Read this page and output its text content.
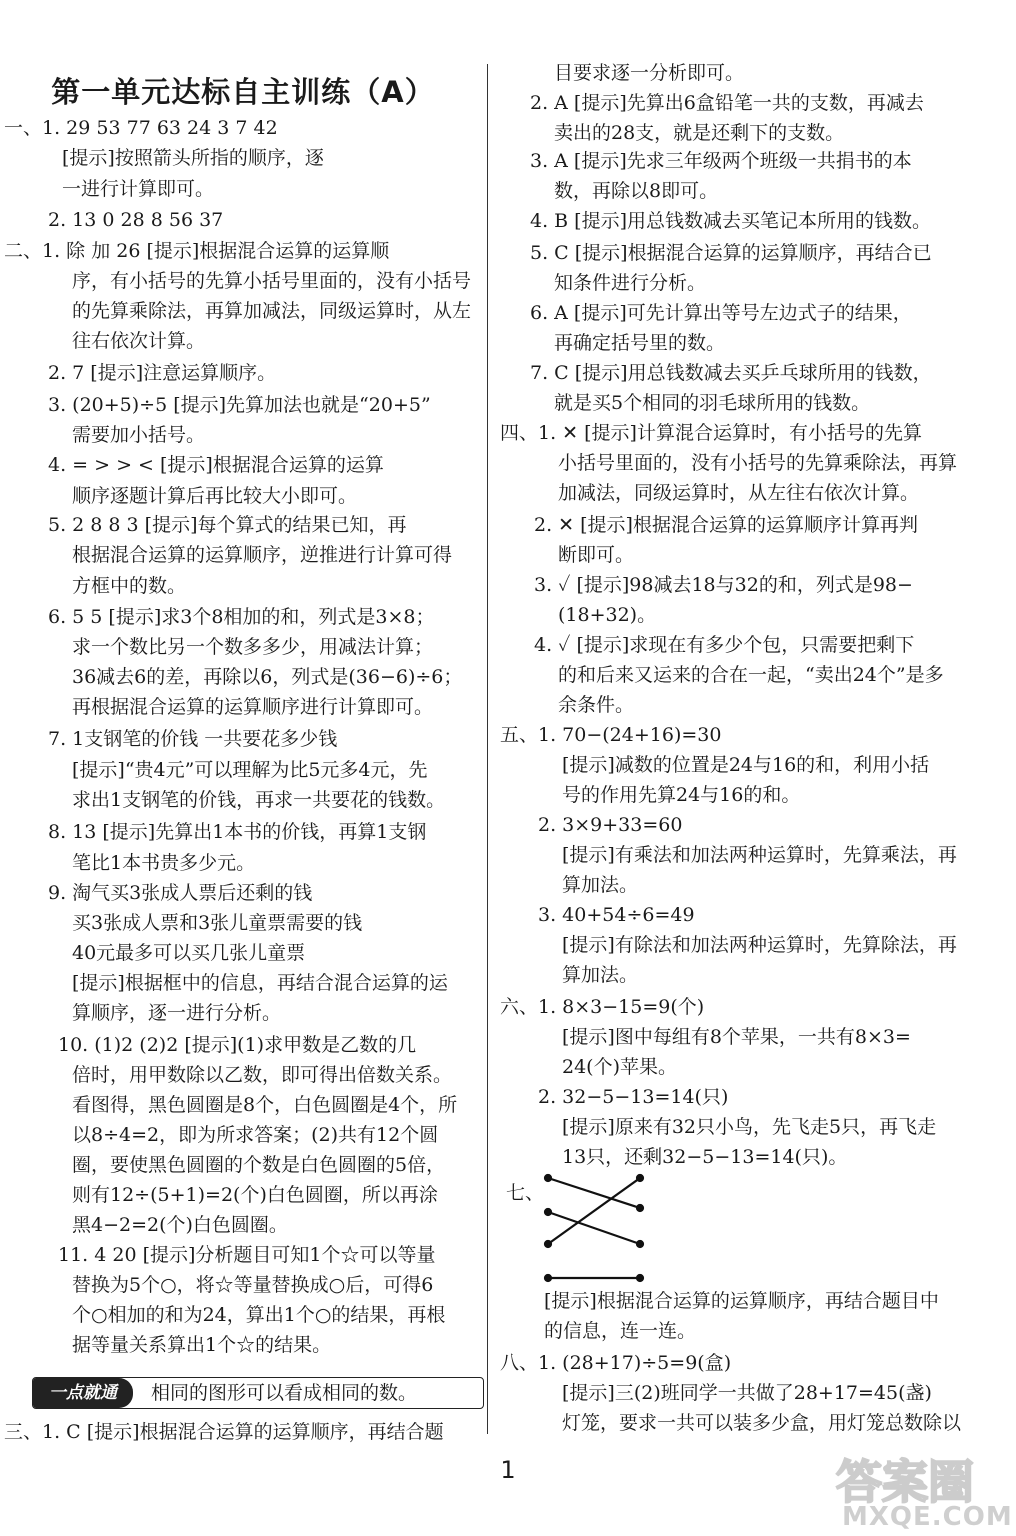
第一单元达标自主训练（A）
一、1. 29 53 77 63 24 3 7 42
[提示]按照箭头所指的顺序，逐
一进行计算即可。
2. 13 0 28 8 56 37
二、1. 除 加 26 [提示]根据混合运算的运算顺
序，有小括号的先算小括号里面的，没有小括号
的先算乘除法，再算加减法，同级运算时，从左
往右依次计算。
2. 7 [提示]注意运算顺序。
3. (20+5)÷5 [提示]先算加法也就是“20+5”
需要加小括号。
4. = > > < [提示]根据混合运算的运算
顺序逐题计算后再比较大小即可。
5. 2 8 8 3 [提示]每个算式的结果已知，再
根据混合运算的运算顺序，逆推进行计算可得
方框中的数。
6. 5 5 [提示]求3个8相加的和，列式是3×8；
求一个数比另一个数多多少，用减法计算；
36减去6的差，再除以6，列式是(36−6)÷6；
再根据混合运算的运算顺序进行计算即可。
7. 1支钢笔的价钱 一共要花多少钱
[提示]“贵4元”可以理解为比5元多4元，先
求出1支钢笔的价钱，再求一共要花的钱数。
8. 13 [提示]先算出1本书的价钱，再算1支钢
笔比1本书贵多少元。
9. 淘气买3张成人票后还剩的钱
买3张成人票和3张儿童票需要的钱
40元最多可以买几张儿童票
[提示]根据框中的信息，再结合混合运算的运
算顺序，逐一进行分析。
10. (1)2 (2)2 [提示](1)求甲数是乙数的几
倍时，用甲数除以乙数，即可得出倍数关系。
看图得，黑色圆圈是8个，白色圆圈是4个，所
以8÷4=2，即为所求答案；(2)共有12个圆
圈，要使黑色圆圈的个数是白色圆圈的5倍，
则有12÷(5+1)=2(个)白色圆圈，所以再涂
黑4−2=2(个)白色圆圈。
11. 4 20 [提示]分析题目可知1个☆可以等量
替换为5个○，将☆等量替换成○后，可得6
个○相加的和为24，算出1个○的结果，再根
据等量关系算出1个☆的结果。
三、1. C [提示]根据混合运算的运算顺序，再结合题
一点就通	相同的图形可以看成相同的数。
目要求逐一分析即可。
2. A [提示]先算出6盒铅笔一共的支数，再减去
卖出的28支，就是还剩下的支数。
3. A [提示]先求三年级两个班级一共捐书的本
数，再除以8即可。
4. B [提示]用总钱数减去买笔记本所用的钱数。
5. C [提示]根据混合运算的运算顺序，再结合已
知条件进行分析。
6. A [提示]可先计算出等号左边式子的结果，
再确定括号里的数。
7. C [提示]用总钱数减去买乒乓球所用的钱数，
就是买5个相同的羽毛球所用的钱数。
四、1. ✕ [提示]计算混合运算时，有小括号的先算
小括号里面的，没有小括号的先算乘除法，再算
加减法，同级运算时，从左往右依次计算。
2. ✕ [提示]根据混合运算的运算顺序计算再判
断即可。
3. ✓ [提示]98减去18与32的和，列式是98−
(18+32)。
4. ✓ [提示]求现在有多少个包，只需要把剩下
的和后来又运来的合在一起，“卖出24个”是多
余条件。
五、1. 70−(24+16)=30
[提示]减数的位置是24与16的和，利用小括
号的作用先算24与16的和。
2. 3×9+33=60
[提示]有乘法和加法两种运算时，先算乘法，再
算加法。
3. 40+54÷6=49
[提示]有除法和加法两种运算时，先算除法，再
算加法。
六、1. 8×3−15=9(个)
[提示]图中每组有8个苹果，一共有8×3=
24(个)苹果。
2. 32−5−13=14(只)
[提示]原来有32只小鸟，先飞走5只，再飞走
13只，还剩32−5−13=14(只)。
七、
[提示]根据混合运算的运算顺序，再结合题目中
的信息，连一连。
八、1. (28+17)÷5=9(盒)
[提示]三(2)班同学一共做了28+17=45(盏)
灯笼，要求一共可以装多少盒，用灯笼总数除以
1	答案圈
MXQE.COM
